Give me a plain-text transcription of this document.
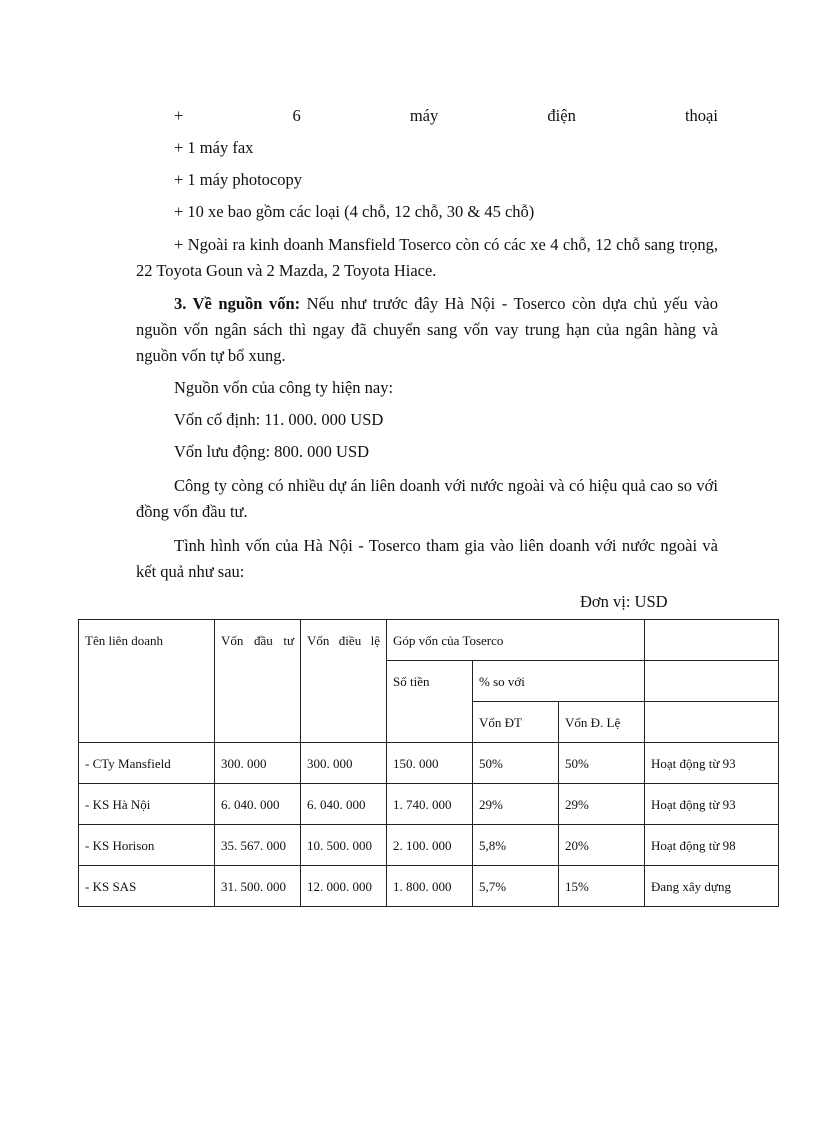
+	6	máy	điện	thoại
+ 1 máy fax
+ 1 máy photocopy
+ 10 xe bao gồm các loại (4 chỗ, 12 chỗ, 30 & 45 chỗ)
+ Ngoài ra kinh doanh Mansfield Toserco còn có các xe 4 chỗ, 12 chỗ sang trọng, 22 Toyota Goun và 2 Mazda, 2 Toyota Hiace.
3. Về nguồn vốn: Nếu như trước đây Hà Nội - Toserco còn dựa chủ yếu vào nguồn vốn ngân sách thì ngay đã chuyển sang vốn vay trung hạn của ngân hàng và nguồn vốn tự bổ xung.
Nguồn vốn của công ty hiện nay:
Vốn cố định: 11. 000. 000 USD
Vốn lưu động: 800. 000 USD
Công ty còng có nhiều dự án liên doanh với nước ngoài và có hiệu quả cao so với đồng vốn đầu tư.
Tình hình vốn của Hà Nội - Toserco tham gia vào liên doanh với nước ngoài và kết quả như sau:
Đơn vị: USD
Tên liên doanh	Vốn đầu tư	Vốn điều lệ	Góp vốn của Toserco			
			Số tiền	% so với		
				Vốn ĐT	Vốn Đ. Lệ	
- CTy Mansfield	300. 000	300. 000	150. 000	50%	50%	Hoạt động từ 93
- KS Hà Nội	6. 040. 000	6. 040. 000	1. 740. 000	29%	29%	Hoạt động từ 93
- KS Horison	35. 567. 000	10. 500. 000	2. 100. 000	5,8%	20%	Hoạt động từ 98
- KS SAS	31. 500. 000	12. 000. 000	1. 800. 000	5,7%	15%	Đang xây dựng
